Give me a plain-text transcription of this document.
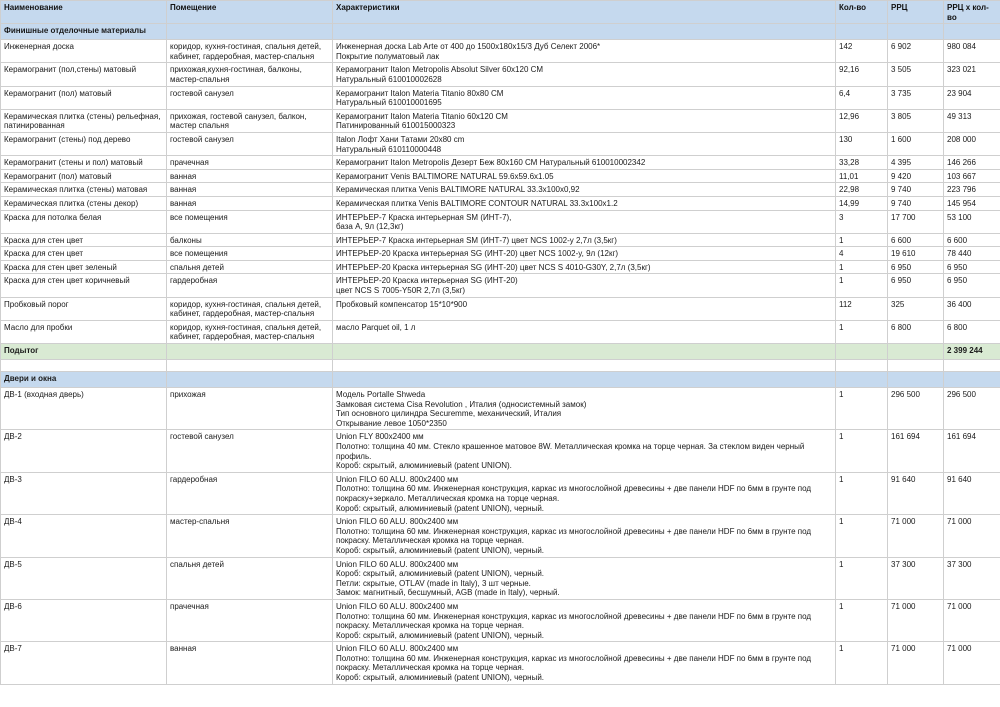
Наименование	Помещение	Характеристики	Кол-во	РРЦ	РРЦ х кол-во
Финишные отделочные материалы					
Инженерная доска	коридор, кухня-гостиная, спальня детей,
кабинет, гардеробная, мастер-спальня	Инженерная доска Lab Arte от 400 до 1500x180x15/3 Дуб Селект 2006*
Покрытие полуматовый лак	142	6 902	980 084
Керамогранит (пол,стены) матовый	прихожая,кухня-гостиная, балконы,
мастер-спальня	Керамогранит Italon Metropolis Absolut Silver 60x120 СМ
Натуральный 610010002628	92,16	3 505	323 021
Керамогранит (пол) матовый	гостевой санузел	Керамогранит Italon Materia Titanio 80x80 СМ
Натуральный 610010001695	6,4	3 735	23 904
Керамическая плитка (стены) рельефная,
патинированная	прихожая, гостевой санузел, балкон,
мастер спальня	Керамогранит Italon Materia Titanio 60x120 СМ
Патинированный 610015000323	12,96	3 805	49 313
Керамогранит (стены) под дерево	гостевой санузел	Italon Лофт Хани Татами 20x80 cm
Натуральный 610110000448	130	1 600	208 000
Керамогранит (стены и пол) матовый	прачечная	Керамогранит Italon Metropolis Дезерт Беж 80x160 СМ Натуральный 610010002342	33,28	4 395	146 266
Керамогранит (пол) матовый	ванная	Керамогранит Venis BALTIMORE NATURAL 59.6x59.6x1.05	11,01	9 420	103 667
Керамическая плитка (стены) матовая	ванная	Керамическая плитка Venis BALTIMORE NATURAL 33.3x100x0,92	22,98	9 740	223 796
Керамическая плитка (стены декор)	ванная	Керамическая плитка Venis BALTIMORE CONTOUR NATURAL 33.3x100x1.2	14,99	9 740	145 954
Краска для потолка белая	все помещения	ИНТЕРЬЕР-7 Краска интерьерная SM (ИНТ-7),
база А, 9л (12,3кг)	3	17 700	53 100
Краска для стен цвет	балконы	ИНТЕРЬЕР-7 Краска интерьерная SM (ИНТ-7) цвет NCS 1002-y 2,7л (3,5кг)	1	6 600	6 600
Краска для стен цвет	все помещения	ИНТЕРЬЕР-20 Краска интерьерная SG (ИНТ-20) цвет NCS 1002-y, 9л (12кг)	4	19 610	78 440
Краска для стен цвет зеленый	спальня детей	ИНТЕРЬЕР-20 Краска интерьерная SG (ИНТ-20) цвет NCS S 4010-G30Y, 2,7л (3,5кг)	1	6 950	6 950
Краска для стен цвет коричневый	гардеробная	ИНТЕРЬЕР-20 Краска интерьерная SG (ИНТ-20)
цвет NCS S 7005-Y50R 2,7л (3,5кг)	1	6 950	6 950
Пробковый порог	коридор, кухня-гостиная, спальня детей,
кабинет, гардеробная, мастер-спальня	Пробковый компенсатор 15*10*900	112	325	36 400
Масло для пробки	коридор, кухня-гостиная, спальня детей,
кабинет, гардеробная, мастер-спальня	масло Parquet oil, 1 л	1	6 800	6 800
Подытог					2 399 244

Двери и окна					
ДВ-1 (входная дверь)	прихожая	Модель Portalle Shweda
Замковая система Cisa Revolution , Италия (односистемный замок)
Тип основного цилиндра Securemme, механический, Италия
Открывание левое 1050*2350	1	296 500	296 500
ДВ-2	гостевой санузел	Union FLY 800x2400 мм
Полотно: толщина 40 мм. Стекло крашенное матовое 8W. Металлическая кромка на торце черная. За стеклом виден черный
профиль.
Короб: скрытый, алюминиевый (patent UNION).	1	161 694	161 694
ДВ-3	гардеробная	Union FILO 60 ALU. 800x2400 мм
Полотно: толщина 60 мм. Инженерная конструкция, каркас из многослойной древесины + две панели HDF по 6мм в грунте под
покраску+зеркало. Металлическая кромка на торце черная.
Короб: скрытый, алюминиевый (patent UNION), черный.	1	91 640	91 640
ДВ-4	мастер-спальня	Union FILO 60 ALU. 800x2400 мм
Полотно: толщина 60 мм. Инженерная конструкция, каркас из многослойной древесины + две панели HDF по 6мм в грунте под
покраску. Металлическая кромка на торце черная.
Короб: скрытый, алюминиевый (patent UNION), черный.	1	71 000	71 000
ДВ-5	спальня детей	Union FILO 60 ALU. 800x2400 мм
Короб: скрытый, алюминиевый (patent UNION), черный.
Петли: скрытые, OTLAV (made in Italy), 3 шт черные.
Замок: магнитный, бесшумный, AGB (made in Italy), черный.	1	37 300	37 300
ДВ-6	прачечная	Union FILO 60 ALU. 800x2400 мм
Полотно: толщина 60 мм. Инженерная конструкция, каркас из многослойной древесины + две панели HDF по 6мм в грунте под
покраску. Металлическая кромка на торце черная.
Короб: скрытый, алюминиевый (patent UNION), черный.	1	71 000	71 000
ДВ-7	ванная	Union FILO 60 ALU. 800x2400 мм
Полотно: толщина 60 мм. Инженерная конструкция, каркас из многослойной древесины + две панели HDF по 6мм в грунте под
покраску. Металлическая кромка на торце черная.
Короб: скрытый, алюминиевый (patent UNION), черный.	1	71 000	71 000
